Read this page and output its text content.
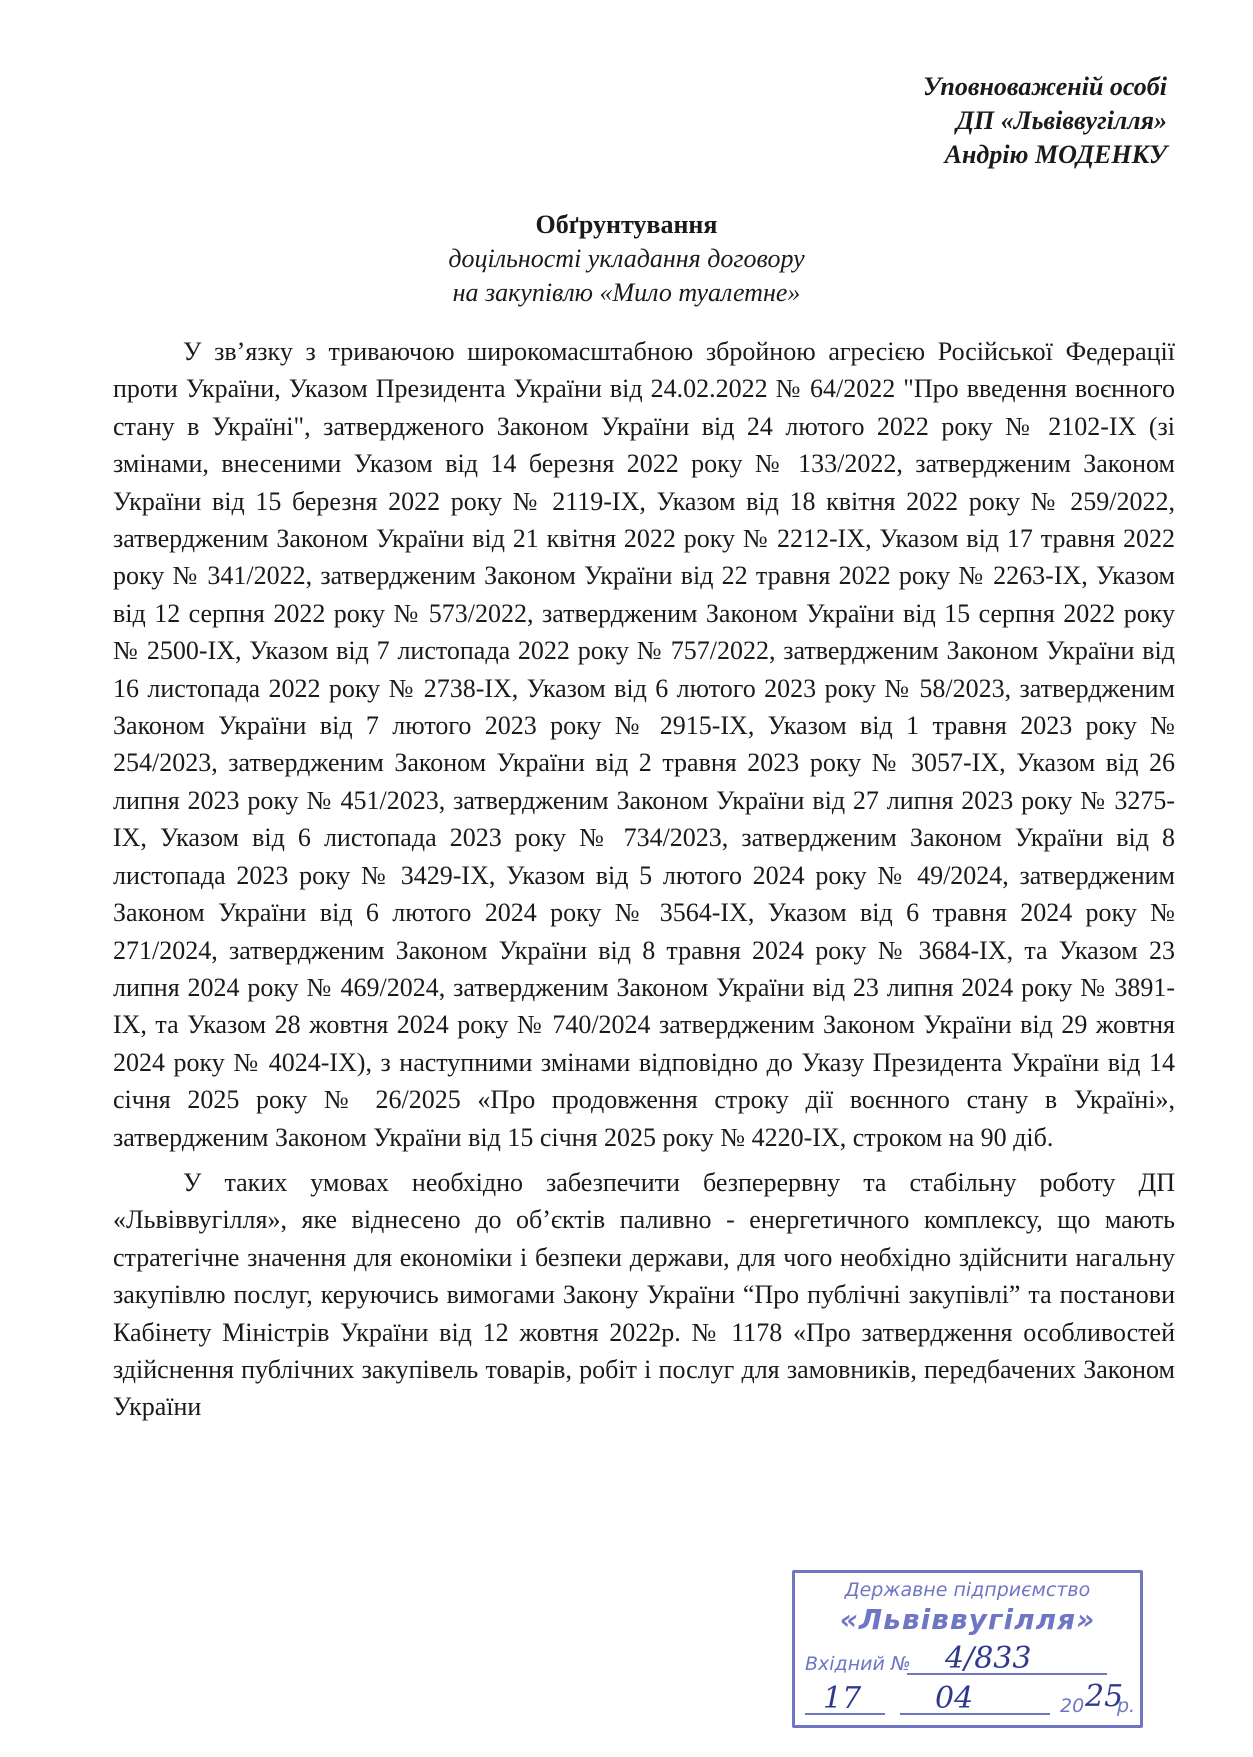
Уповноваженій особі
ДП «Львіввугілля»
Андрію МОДЕНКУ
Обґрунтування
доцільності укладання договору
на закупівлю «Мило туалетне»

У зв’язку з триваючою широкомасштабною збройною агресією Російської Федерації проти України, Указом Президента України від 24.02.2022 № 64/2022 "Про введення воєнного стану в Україні", затвердженого Законом України від 24 лютого 2022 року № 2102-IX (зі змінами, внесеними Указом від 14 березня 2022 року № 133/2022, затвердженим Законом України від 15 березня 2022 року № 2119-IX, Указом від 18 квітня 2022 року № 259/2022, затвердженим Законом України від 21 квітня 2022 року № 2212-IX, Указом від 17 травня 2022 року № 341/2022, затвердженим Законом України від 22 травня 2022 року № 2263-IX, Указом від 12 серпня 2022 року № 573/2022, затвердженим Законом України від 15 серпня 2022 року № 2500-IX, Указом від 7 листопада 2022 року № 757/2022, затвердженим Законом України від 16 листопада 2022 року № 2738-IX, Указом від 6 лютого 2023 року № 58/2023, затвердженим Законом України від 7 лютого 2023 року № 2915-IX, Указом від 1 травня 2023 року № 254/2023, затвердженим Законом України від 2 травня 2023 року № 3057-IX, Указом від 26 липня 2023 року № 451/2023, затвердженим Законом України від 27 липня 2023 року № 3275-IX, Указом від 6 листопада 2023 року № 734/2023, затвердженим Законом України від 8 листопада 2023 року № 3429-IX, Указом від 5 лютого 2024 року № 49/2024, затвердженим Законом України від 6 лютого 2024 року № 3564-IX, Указом від 6 травня 2024 року № 271/2024, затвердженим Законом України від 8 травня 2024 року № 3684-IX, та Указом 23 липня 2024 року № 469/2024, затвердженим Законом України від 23 липня 2024 року № 3891-IX, та Указом 28 жовтня 2024 року № 740/2024 затвердженим Законом України від 29 жовтня 2024 року № 4024-IX), з наступними змінами відповідно до Указу Президента України від 14 січня 2025 року № 26/2025 «Про продовження строку дії воєнного стану в Україні», затвердженим Законом України від 15 січня 2025 року № 4220-IX, строком на 90 діб.

У таких умовах необхідно забезпечити безперервну та стабільну роботу ДП «Львіввугілля», яке віднесено до об’єктів паливно - енергетичного комплексу, що мають стратегічне значення для економіки і безпеки держави, для чого необхідно здійснити нагальну закупівлю послуг, керуючись вимогами Закону України “Про публічні закупівлі” та постанови Кабінету Міністрів України від 12 жовтня 2022р. № 1178 «Про затвердження особливостей здійснення публічних закупівель товарів, робіт і послуг для замовників, передбачених Законом України

Державне підприємство
«Львіввугілля»
Вхідний № 4/833
17 04	20 25
р.
